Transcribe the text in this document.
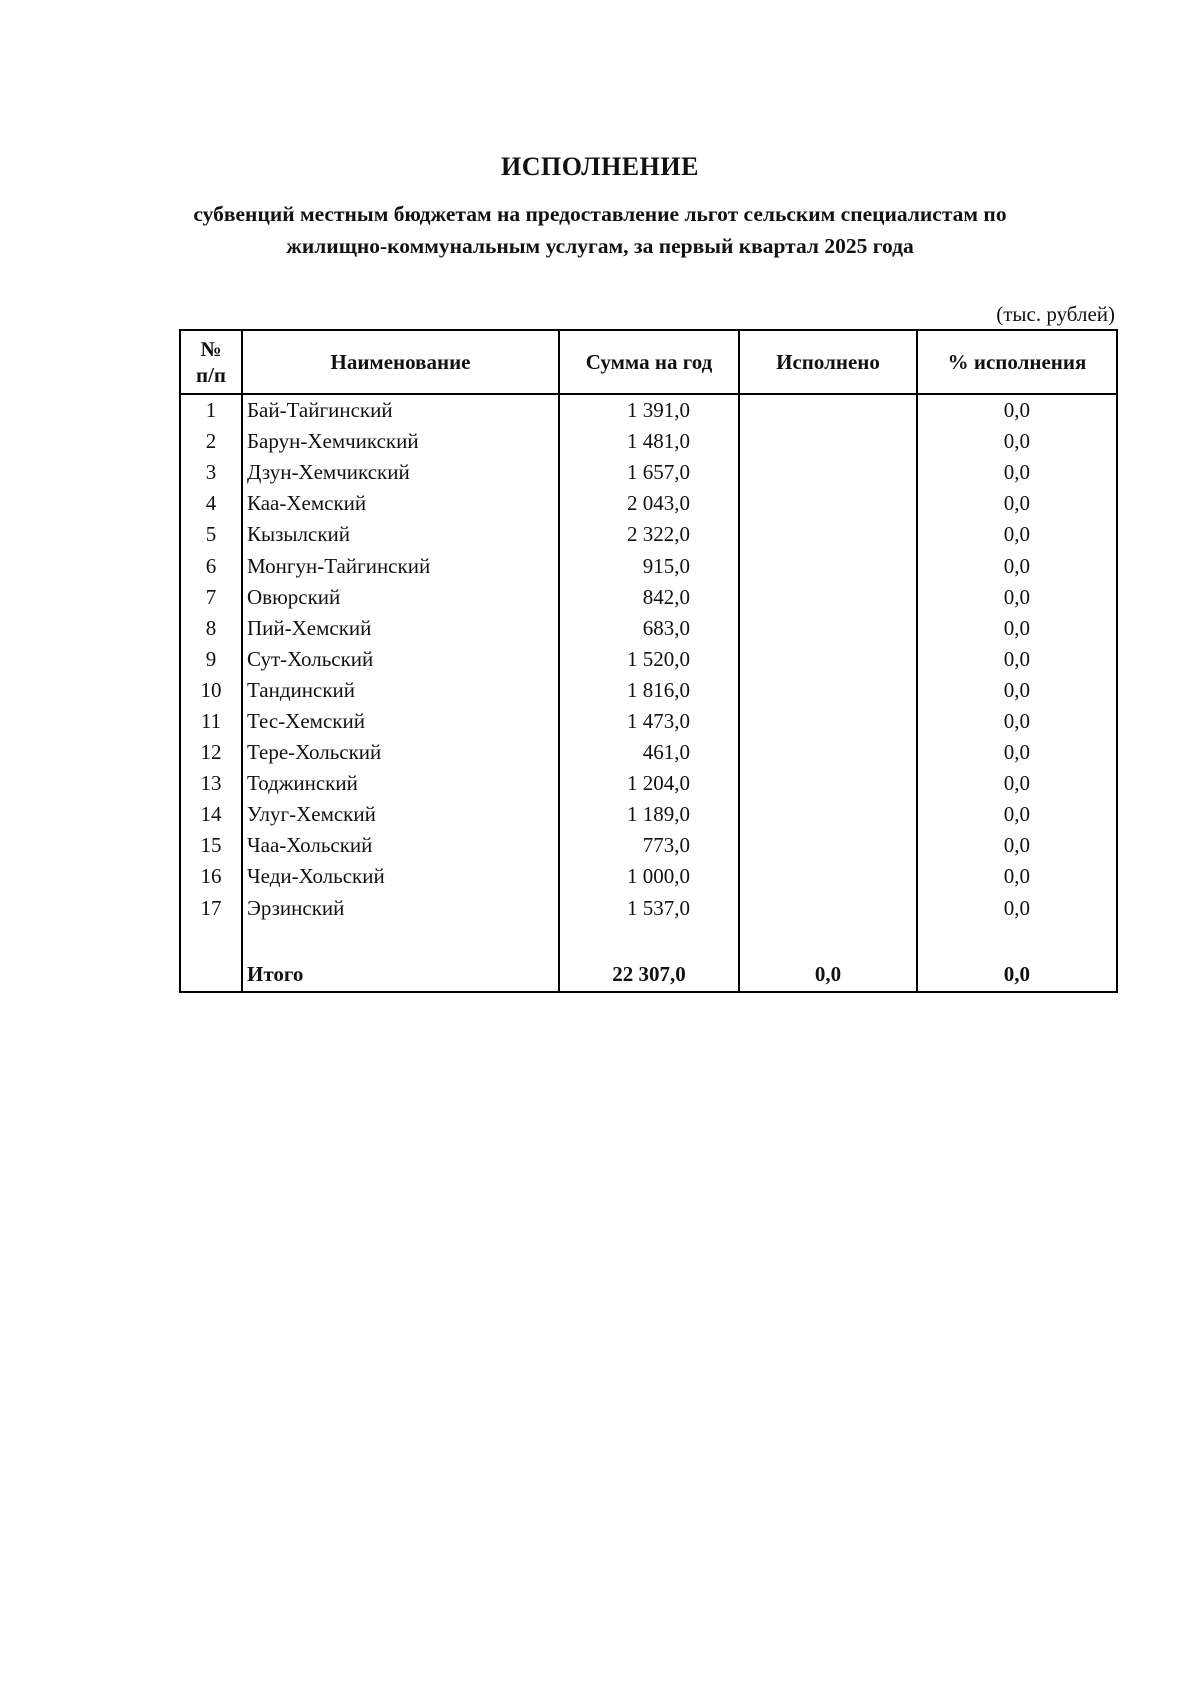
ИСПОЛНЕНИЕ
субвенций местным бюджетам на предоставление льгот сельским специалистам по
жилищно-коммунальным услугам, за первый квартал 2025 года
(тыс. рублей)
№
п/п	Наименование	Сумма на год	Исполнено	% исполнения
1	Бай-Тайгинский	1 391,0		0,0
2	Барун-Хемчикский	1 481,0		0,0
3	Дзун-Хемчикский	1 657,0		0,0
4	Каа-Хемский	2 043,0		0,0
5	Кызылский	2 322,0		0,0
6	Монгун-Тайгинский	915,0		0,0
7	Овюрский	842,0		0,0
8	Пий-Хемский	683,0		0,0
9	Сут-Хольский	1 520,0		0,0
10	Тандинский	1 816,0		0,0
11	Тес-Хемский	1 473,0		0,0
12	Тере-Хольский	461,0		0,0
13	Тоджинский	1 204,0		0,0
14	Улуг-Хемский	1 189,0		0,0
15	Чаа-Хольский	773,0		0,0
16	Чеди-Хольский	1 000,0		0,0
17	Эрзинский	1 537,0		0,0

	Итого	22 307,0	0,0	0,0
